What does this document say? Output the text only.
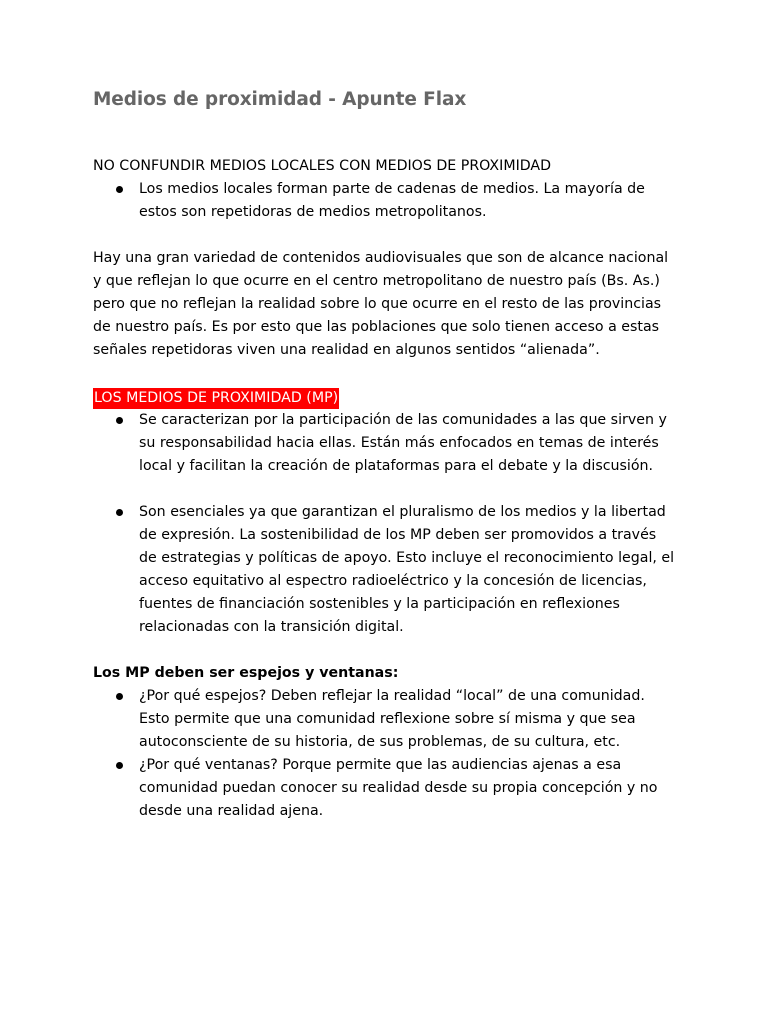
Medios de proximidad - Apunte Flax

NO CONFUNDIR MEDIOS LOCALES CON MEDIOS DE PROXIMIDAD

Los medios locales forman parte de cadenas de medios. La mayoría de estos son repetidoras de medios metropolitanos.

Hay una gran variedad de contenidos audiovisuales que son de alcance nacional y que reflejan lo que ocurre en el centro metropolitano de nuestro país (Bs. As.) pero que no reflejan la realidad sobre lo que ocurre en el resto de las provincias de nuestro país. Es por esto que las poblaciones que solo tienen acceso a estas señales repetidoras viven una realidad en algunos sentidos “alienada”.

LOS MEDIOS DE PROXIMIDAD (MP)
Se caracterizan por la participación de las comunidades a las que sirven y su responsabilidad hacia ellas. Están más enfocados en temas de interés local y facilitan la creación de plataformas para el debate y la discusión.
Son esenciales ya que garantizan el pluralismo de los medios y la libertad de expresión. La sostenibilidad de los MP deben ser promovidos a través de estrategias y políticas de apoyo. Esto incluye el reconocimiento legal, el acceso equitativo al espectro radioeléctrico y la concesión de licencias, fuentes de financiación sostenibles y la participación en reflexiones relacionadas con la transición digital.

Los MP deben ser espejos y ventanas:

¿Por qué espejos? Deben reflejar la realidad “local” de una comunidad. Esto permite que una comunidad reflexione sobre sí misma y que sea autoconsciente de su historia, de sus problemas, de su cultura, etc.
¿Por qué ventanas? Porque permite que las audiencias ajenas a esa comunidad puedan conocer su realidad desde su propia concepción y no desde una realidad ajena.
